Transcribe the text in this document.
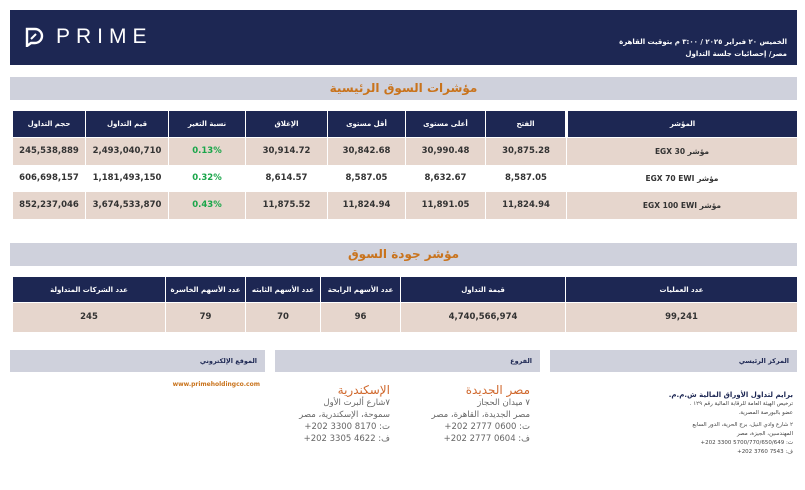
PRIME	الخميس ٢٠ فبراير ٢٠٢٥ / ٣:٠٠ م بتوقيت القاهرة
مصر/ إحصائيات جلسة التداول
مؤشرات السوق الرئيسية
حجم التداول	قيم التداول	نسبة التغير	الإغلاق	أقل مستوى	أعلى مستوى	الفتح	المؤشر
245,538,889	2,493,040,710	0.13%	30,914.72	30,842.68	30,990.48	30,875.28	مؤشر EGX 30
606,698,157	1,181,493,150	0.32%	8,614.57	8,587.05	8,632.67	8,587.05	مؤشر EGX 70 EWI
852,237,046	3,674,533,870	0.43%	11,875.52	11,824.94	11,891.05	11,824.94	مؤشر EGX 100 EWI
مؤشر جودة السوق
عدد الشركات المتداولة	عدد الأسهم الخاسرة	عدد الأسهم الثابته	عدد الأسهم الرابحة	قيمة التداول	عدد العمليات
245	79	70	96	4,740,566,974	99,241
الموقع الإلكتروني	الفروع	المركز الرئيسي
www.primeholdingco.com	مصر الجديدة
٧ ميدان الحجاز
مصر الجديدة، القاهرة، مصر
ت: 0600 2777 202+
ف: 0604 2777 202+
الإسكندرية
٧شارع ألبرت الأول
سموحة، الإسكندرية، مصر
ت: 8170 3300 202+
ف: 4622 3305 202+
برايم لتداول الأوراق المالية ش.م.م.
ترخيص الهيئة العامة للرقابة المالية رقم ١٢٩ .
عضو بالبورصة المصرية.
٢ شارع وادي النيل، برج الحرية، الدور السابع
المهندسين، الجيزة، مصر
ت: 5700/770/650/649 3300 202+
ف: 7543 3760 202+
